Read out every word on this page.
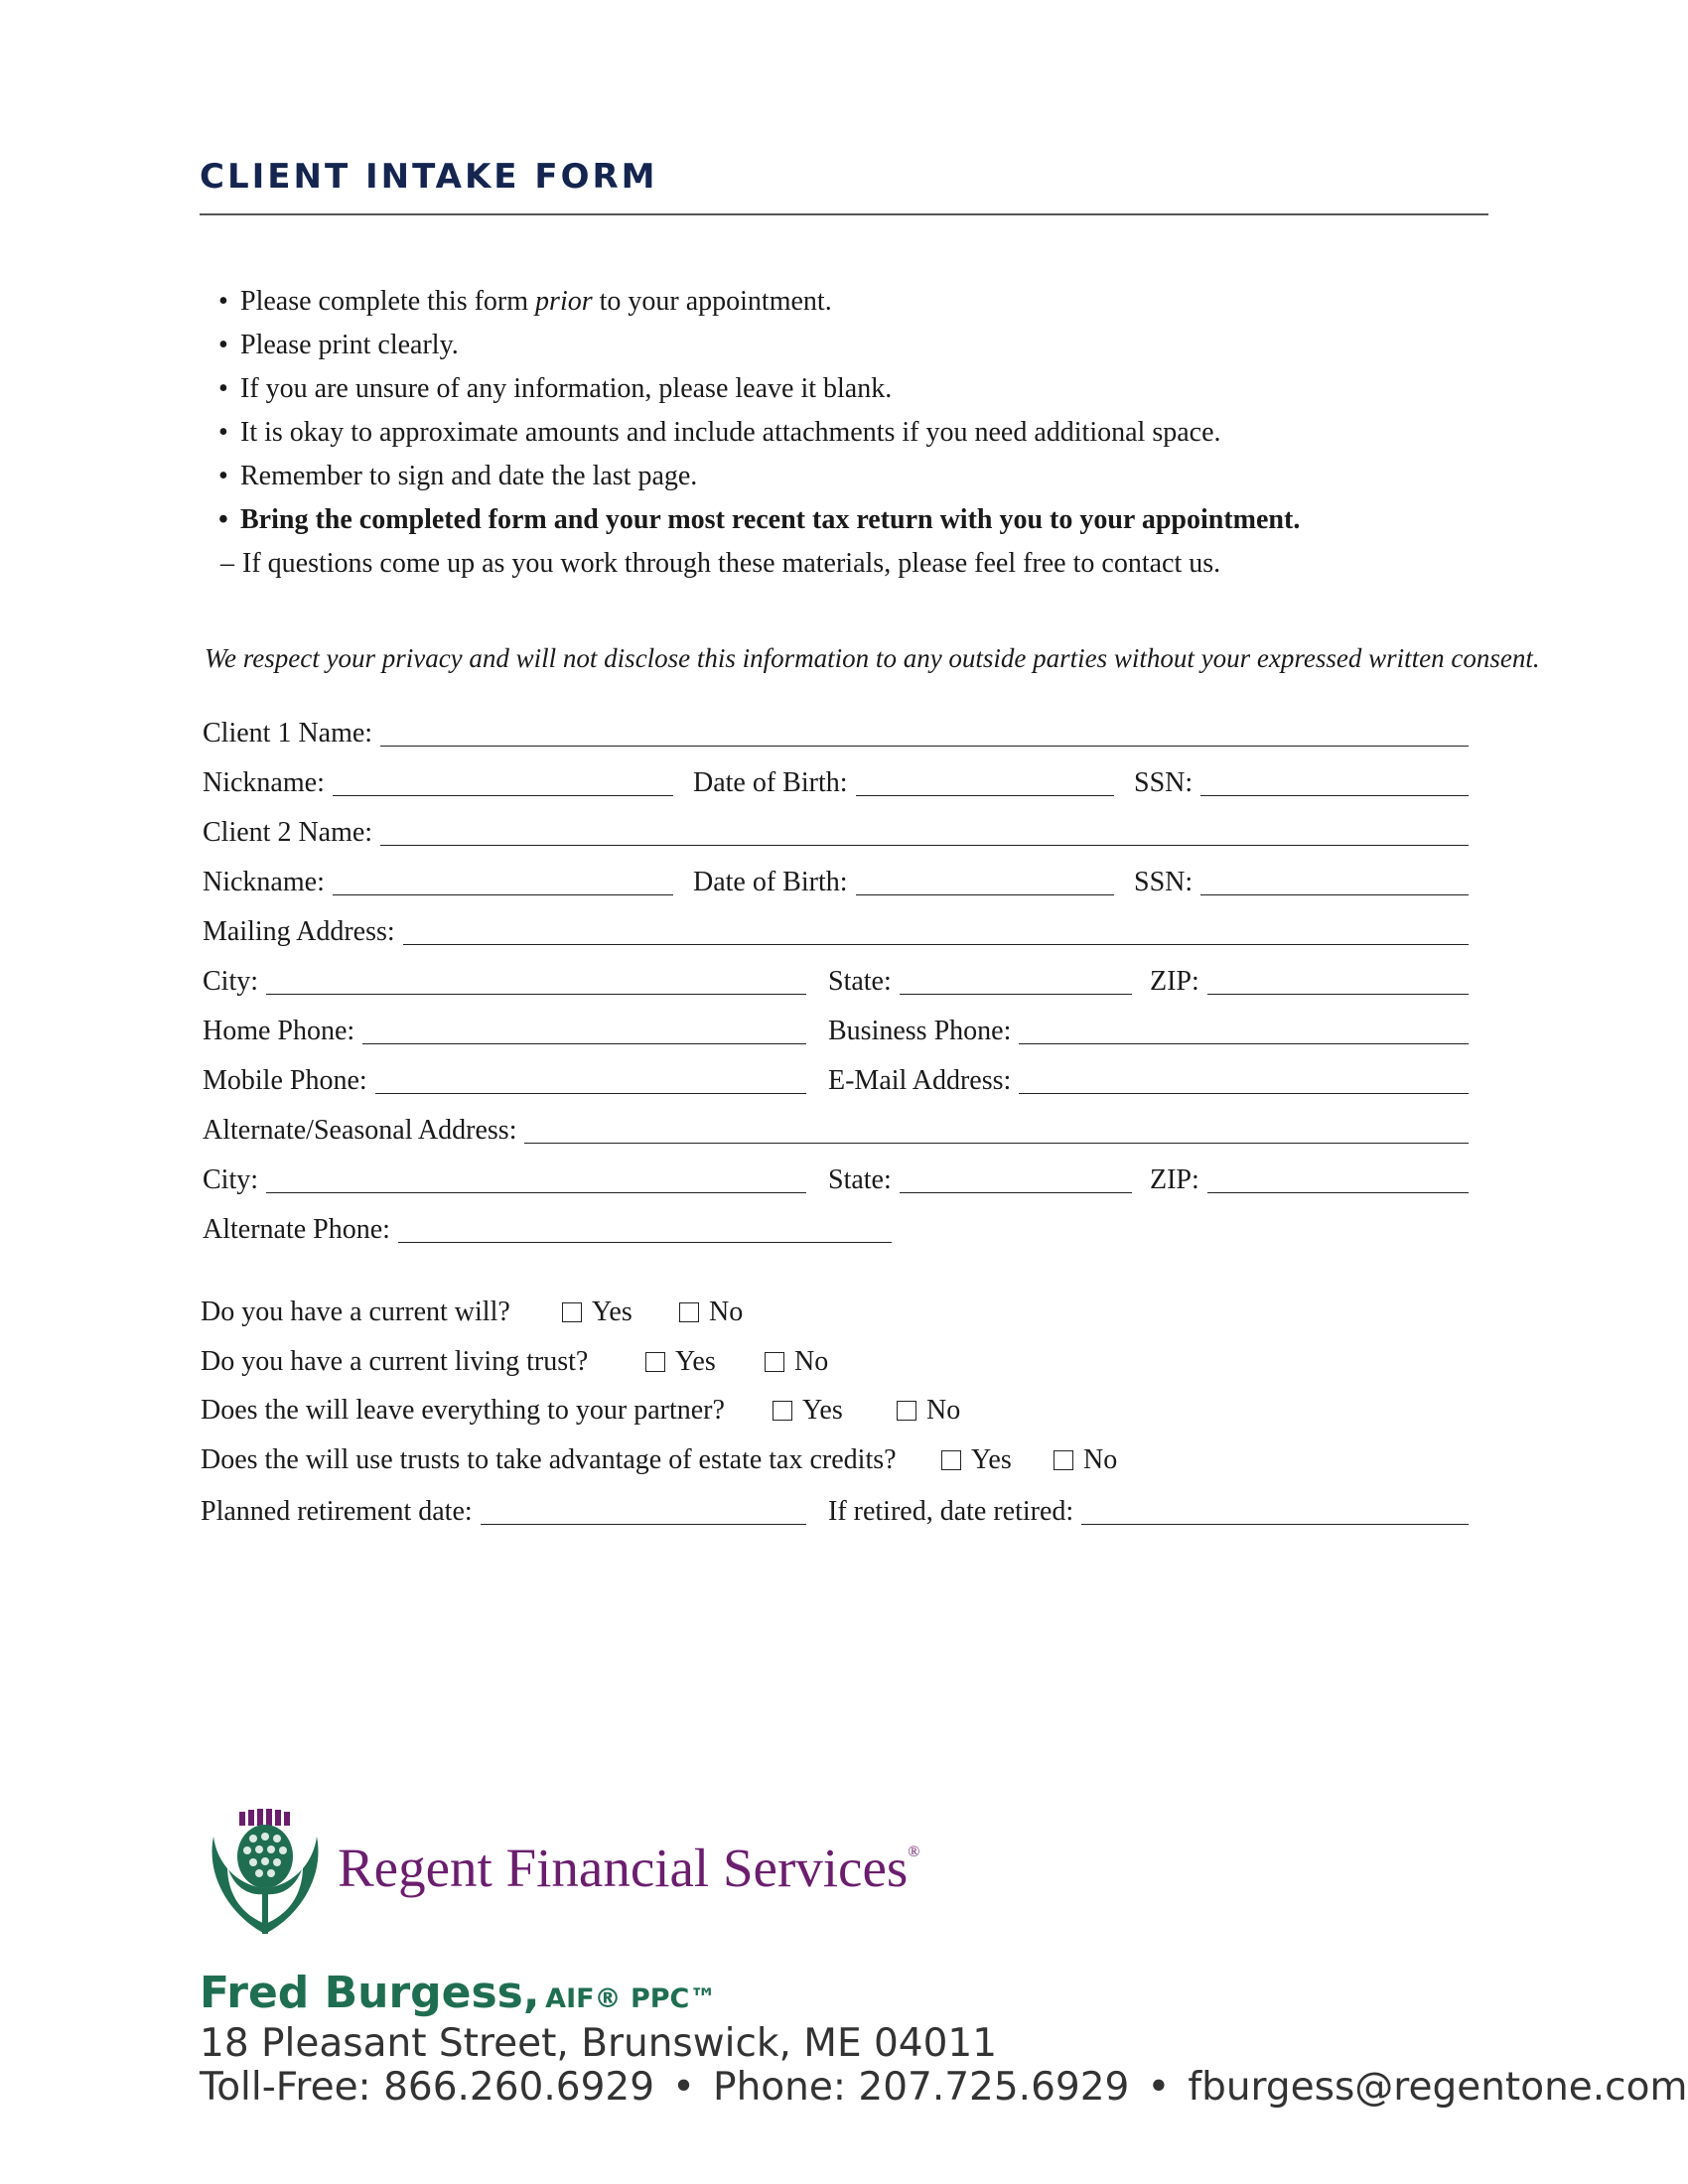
CLIENT INTAKE FORM
• Please complete this form prior to your appointment.
• Please print clearly.
• If you are unsure of any information, please leave it blank.
• It is okay to approximate amounts and include attachments if you need additional space.
• Remember to sign and date the last page.
• Bring the completed form and your most recent tax return with you to your appointment.
– If questions come up as you work through these materials, please feel free to contact us.
We respect your privacy and will not disclose this information to any outside parties without your expressed written consent.
Client 1 Name:
Nickname:	Date of Birth:	SSN:
Client 2 Name:
Nickname:	Date of Birth:	SSN:
Mailing Address:
City:	State:	ZIP:
Home Phone:	Business Phone:
Mobile Phone:	E-Mail Address:
Alternate/Seasonal Address:
City:	State:	ZIP:
Alternate Phone:
Do you have a current will?	Yes	No
Do you have a current living trust?	Yes	No
Does the will leave everything to your partner?	Yes	No
Does the will use trusts to take advantage of estate tax credits?	Yes	No
Planned retirement date:	If retired, date retired:
Regent Financial Services®
Fred Burgess, AIF® PPC™
18 Pleasant Street, Brunswick, ME 04011
Toll-Free: 866.260.6929 • Phone: 207.725.6929 • fburgess@regentone.com
